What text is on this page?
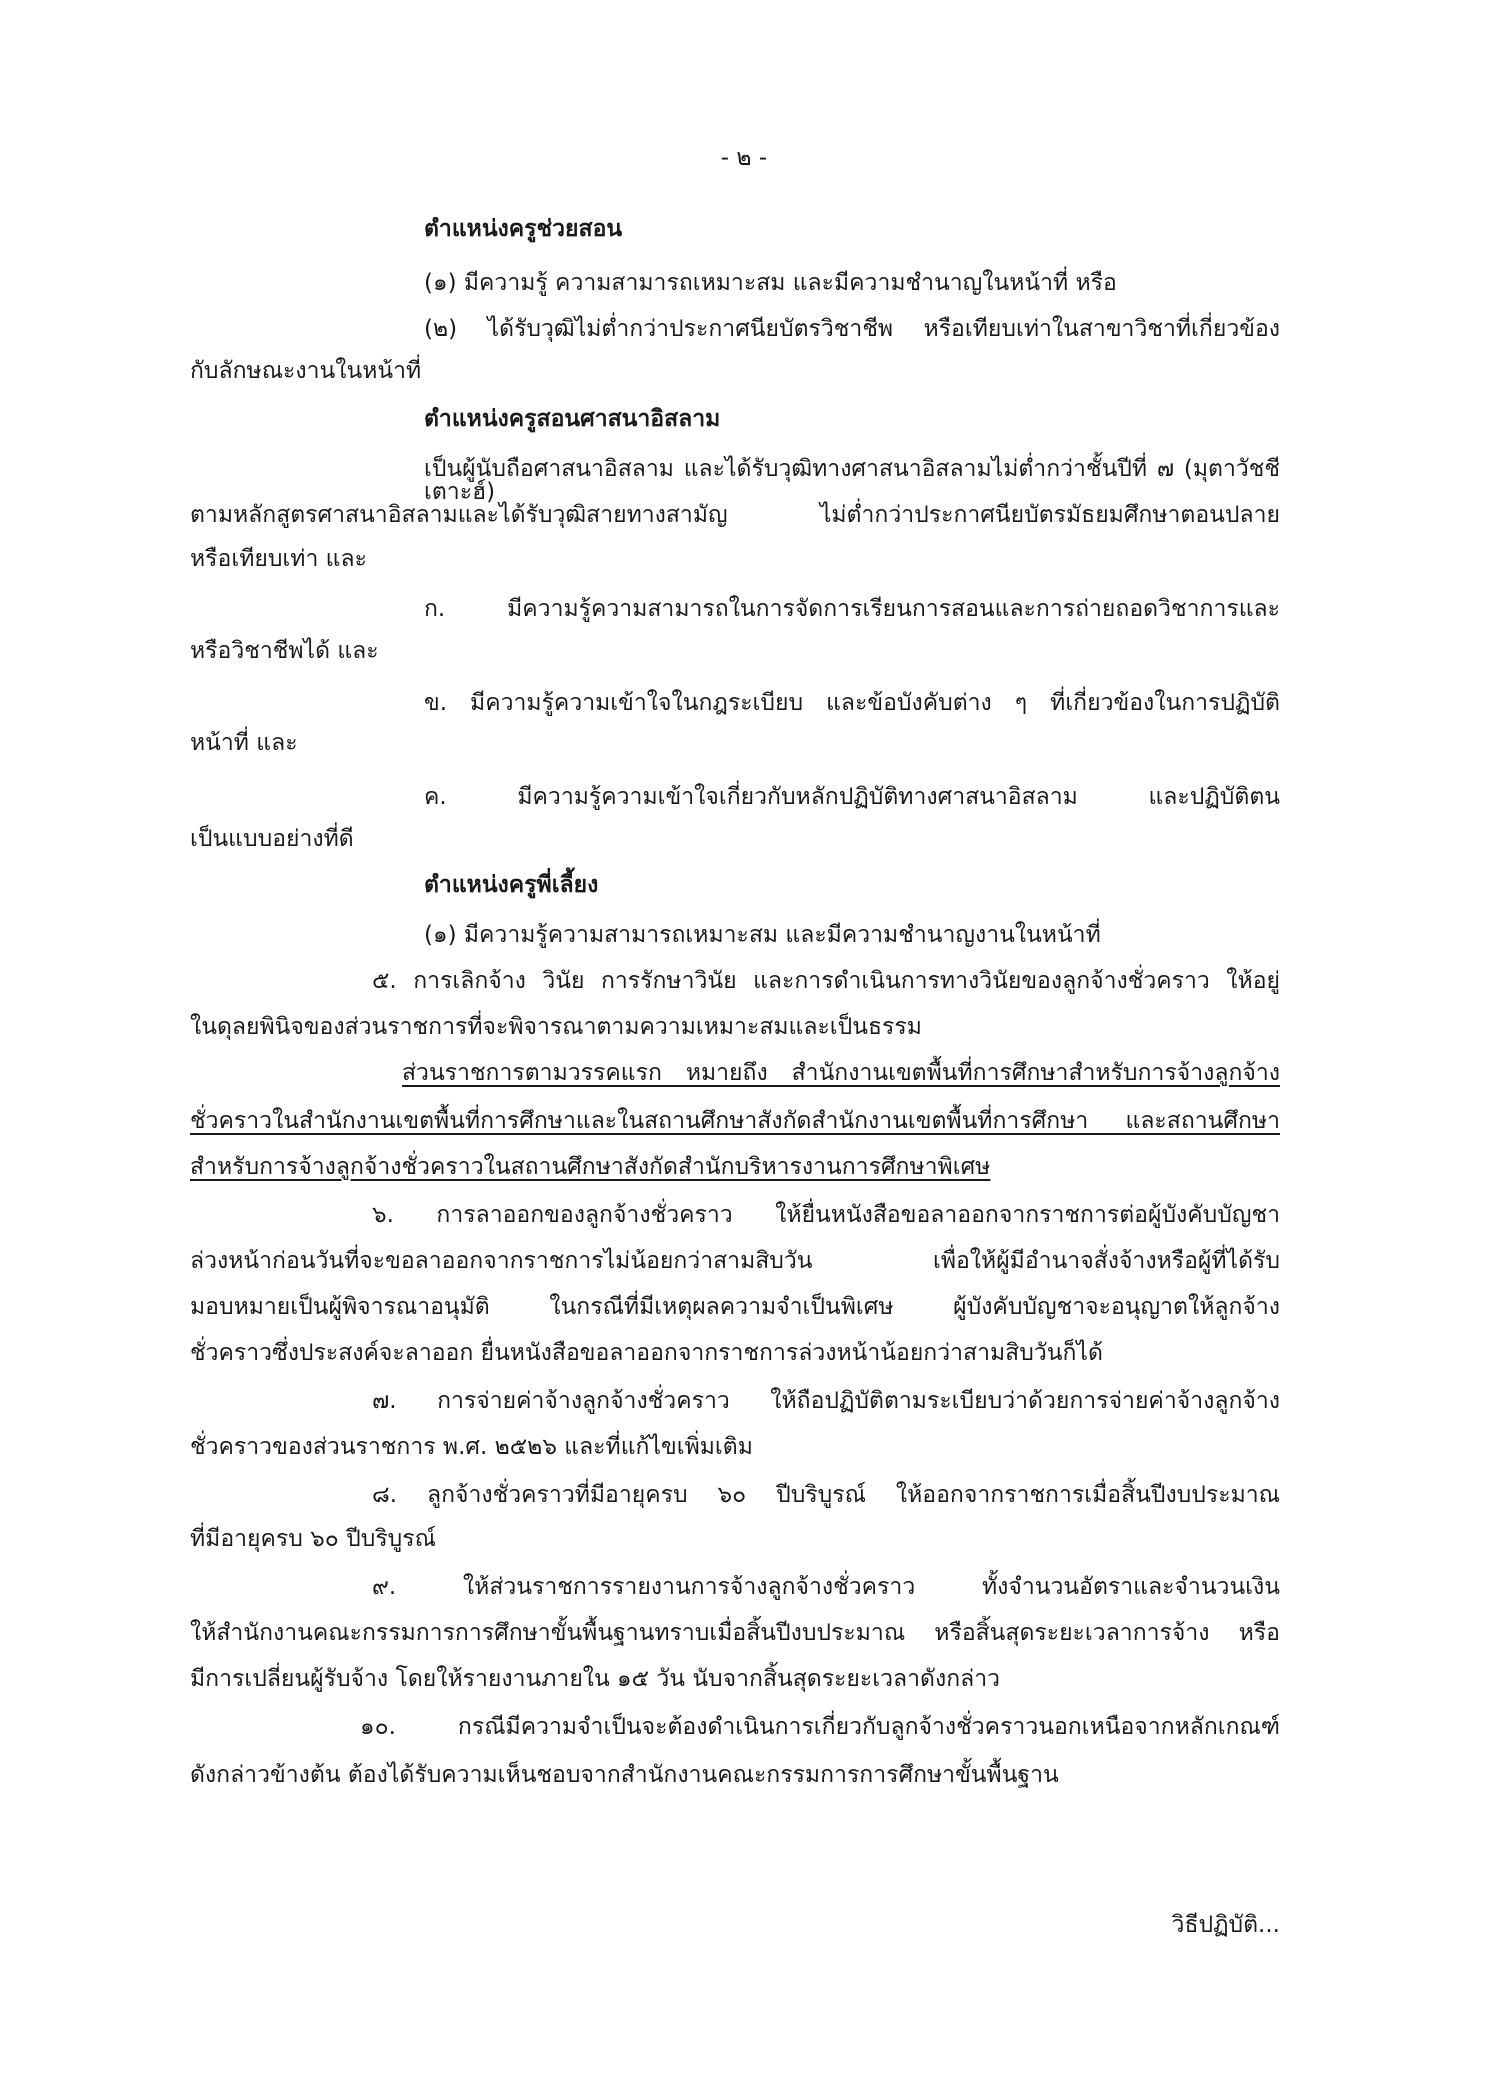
- ๒ -
ตำแหน่งครูช่วยสอน
(๑) มีความรู้ ความสามารถเหมาะสม และมีความชำนาญในหน้าที่ หรือ
(๒) ได้รับวุฒิไม่ต่ำกว่าประกาศนียบัตรวิชาชีพ หรือเทียบเท่าในสาขาวิชาที่เกี่ยวข้อง
กับลักษณะงานในหน้าที่
ตำแหน่งครูสอนศาสนาอิสลาม
เป็นผู้นับถือศาสนาอิสลาม และได้รับวุฒิทางศาสนาอิสลามไม่ต่ำกว่าชั้นปีที่ ๗ (มุตาวัชชีเตาะฮ์)
ตามหลักสูตรศาสนาอิสลามและได้รับวุฒิสายทางสามัญ ไม่ต่ำกว่าประกาศนียบัตรมัธยมศึกษาตอนปลาย
หรือเทียบเท่า และ
ก. มีความรู้ความสามารถในการจัดการเรียนการสอนและการถ่ายถอดวิชาการและ
หรือวิชาชีพได้ และ
ข. มีความรู้ความเข้าใจในกฎระเบียบ และข้อบังคับต่าง ๆ ที่เกี่ยวข้องในการปฏิบัติ
หน้าที่ และ
ค. มีความรู้ความเข้าใจเกี่ยวกับหลักปฏิบัติทางศาสนาอิสลาม และปฏิบัติตน
เป็นแบบอย่างที่ดี
ตำแหน่งครูพี่เลี้ยง
(๑) มีความรู้ความสามารถเหมาะสม และมีความชำนาญงานในหน้าที่
๕. การเลิกจ้าง วินัย การรักษาวินัย และการดำเนินการทางวินัยของลูกจ้างชั่วคราว ให้อยู่
ในดุลยพินิจของส่วนราชการที่จะพิจารณาตามความเหมาะสมและเป็นธรรม
ส่วนราชการตามวรรคแรก หมายถึง สำนักงานเขตพื้นที่การศึกษาสำหรับการจ้างลูกจ้าง
ชั่วคราวในสำนักงานเขตพื้นที่การศึกษาและในสถานศึกษาสังกัดสำนักงานเขตพื้นที่การศึกษา และสถานศึกษา
สำหรับการจ้างลูกจ้างชั่วคราวในสถานศึกษาสังกัดสำนักบริหารงานการศึกษาพิเศษ
๖. การลาออกของลูกจ้างชั่วคราว ให้ยื่นหนังสือขอลาออกจากราชการต่อผู้บังคับบัญชา
ล่วงหน้าก่อนวันที่จะขอลาออกจากราชการไม่น้อยกว่าสามสิบวัน เพื่อให้ผู้มีอำนาจสั่งจ้างหรือผู้ที่ได้รับ
มอบหมายเป็นผู้พิจารณาอนุมัติ ในกรณีที่มีเหตุผลความจำเป็นพิเศษ ผู้บังคับบัญชาจะอนุญาตให้ลูกจ้าง
ชั่วคราวซึ่งประสงค์จะลาออก ยื่นหนังสือขอลาออกจากราชการล่วงหน้าน้อยกว่าสามสิบวันก็ได้
๗. การจ่ายค่าจ้างลูกจ้างชั่วคราว ให้ถือปฏิบัติตามระเบียบว่าด้วยการจ่ายค่าจ้างลูกจ้าง
ชั่วคราวของส่วนราชการ พ.ศ. ๒๕๒๖ และที่แก้ไขเพิ่มเติม
๘. ลูกจ้างชั่วคราวที่มีอายุครบ ๖๐ ปีบริบูรณ์ ให้ออกจากราชการเมื่อสิ้นปีงบประมาณ
ที่มีอายุครบ ๖๐ ปีบริบูรณ์
๙. ให้ส่วนราชการรายงานการจ้างลูกจ้างชั่วคราว ทั้งจำนวนอัตราและจำนวนเงิน
ให้สำนักงานคณะกรรมการการศึกษาขั้นพื้นฐานทราบเมื่อสิ้นปีงบประมาณ หรือสิ้นสุดระยะเวลาการจ้าง หรือ
มีการเปลี่ยนผู้รับจ้าง โดยให้รายงานภายใน ๑๕ วัน นับจากสิ้นสุดระยะเวลาดังกล่าว
๑๐. กรณีมีความจำเป็นจะต้องดำเนินการเกี่ยวกับลูกจ้างชั่วคราวนอกเหนือจากหลักเกณฑ์
ดังกล่าวข้างต้น ต้องได้รับความเห็นชอบจากสำนักงานคณะกรรมการการศึกษาขั้นพื้นฐาน
วิธีปฏิบัติ...
